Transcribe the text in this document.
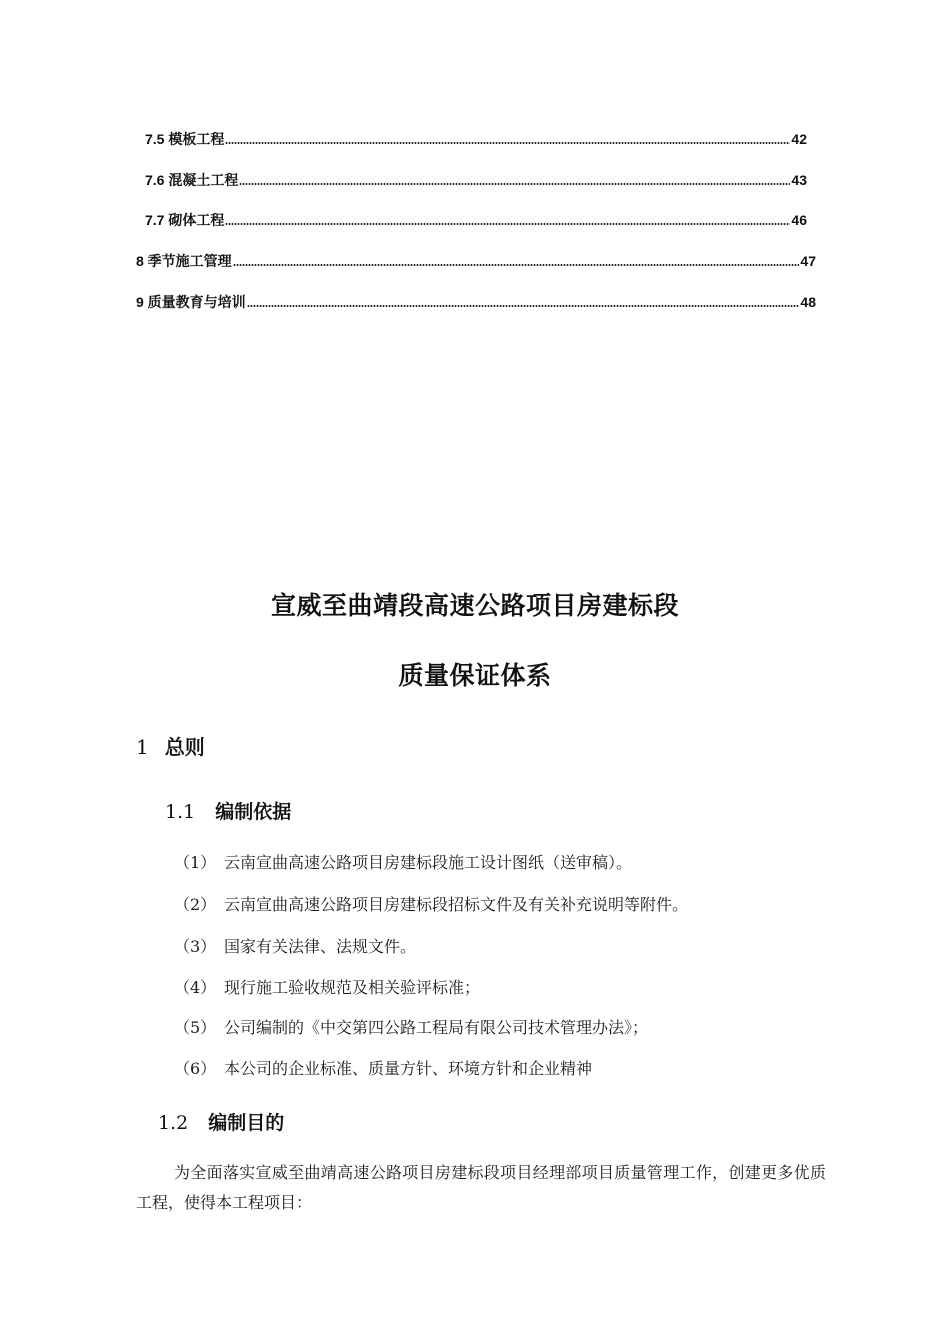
7.5 模板工程	42
7.6 混凝土工程	43
7.7 砌体工程	46
8 季节施工管理	47
9 质量教育与培训	48
宣威至曲靖段高速公路项目房建标段
质量保证体系
1 总则
1.1 编制依据
（1） 云南宣曲高速公路项目房建标段施工设计图纸（送审稿）。
（2） 云南宣曲高速公路项目房建标段招标文件及有关补充说明等附件。
（3） 国家有关法律、法规文件。
（4） 现行施工验收规范及相关验评标准；
（5） 公司编制的《中交第四公路工程局有限公司技术管理办法》；
（6） 本公司的企业标准、质量方针、环境方针和企业精神
1.2 编制目的
为全面落实宣威至曲靖高速公路项目房建标段项目经理部项目质量管理工作，创建更多优质工程，使得本工程项目：
